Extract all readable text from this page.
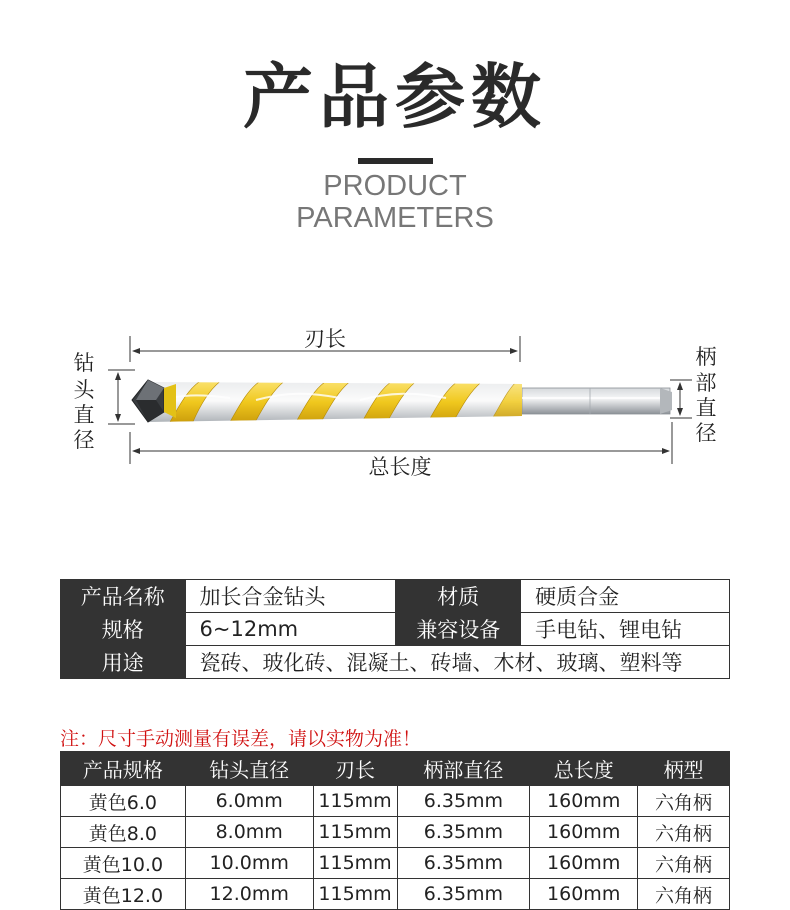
产品参数
PRODUCT
PARAMETERS
刃长
钻
头
直
径
柄
部
直
径
总长度
产品名称	加长合金钻头	材质	硬质合金
规格	6~12mm	兼容设备	手电钻、锂电钻
用途	瓷砖、玻化砖、混凝土、砖墙、木材、玻璃、塑料等		
注：尺寸手动测量有误差，请以实物为准！
产品规格	钻头直径	刃长	柄部直径	总长度	柄型
黄色6.0	6.0mm	115mm	6.35mm	160mm	六角柄
黄色8.0	8.0mm	115mm	6.35mm	160mm	六角柄
黄色10.0	10.0mm	115mm	6.35mm	160mm	六角柄
黄色12.0	12.0mm	115mm	6.35mm	160mm	六角柄
